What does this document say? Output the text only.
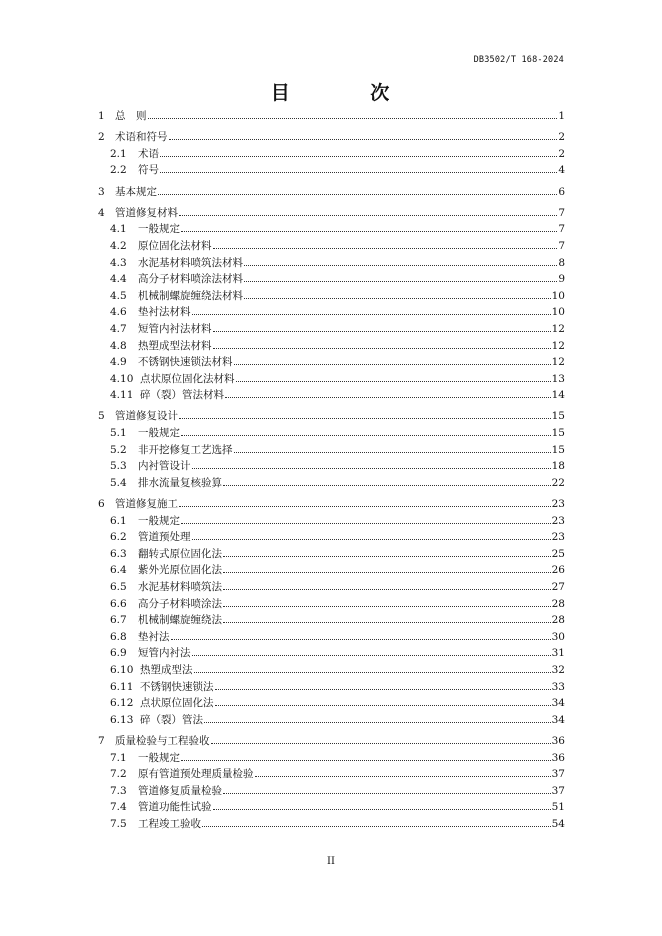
DB3502/T 168-2024
目 次
1 总　则	1
2 术语和符号	2
2.1	术语	2
2.2	符号	4
3 基本规定	6
4 管道修复材料	7
4.1	一般规定	7
4.2	原位固化法材料	7
4.3	水泥基材料喷筑法材料	8
4.4	高分子材料喷涂法材料	9
4.5	机械制螺旋缠绕法材料	10
4.6	垫衬法材料	10
4.7	短管内衬法材料	12
4.8	热塑成型法材料	12
4.9	不锈钢快速锁法材料	12
4.10 点状原位固化法材料	13
4.11 碎（裂）管法材料	14
5 管道修复设计	15
5.1	一般规定	15
5.2	非开挖修复工艺选择	15
5.3	内衬管设计	18
5.4	排水流量复核验算	22
6 管道修复施工	23
6.1	一般规定	23
6.2	管道预处理	23
6.3	翻转式原位固化法	25
6.4	紫外光原位固化法	26
6.5	水泥基材料喷筑法	27
6.6	高分子材料喷涂法	28
6.7	机械制螺旋缠绕法	28
6.8	垫衬法	30
6.9	短管内衬法	31
6.10 热塑成型法	32
6.11 不锈钢快速锁法	33
6.12 点状原位固化法	34
6.13 碎（裂）管法	34
7 质量检验与工程验收	36
7.1	一般规定	36
7.2	原有管道预处理质量检验	37
7.3	管道修复质量检验	37
7.4	管道功能性试验	51
7.5	工程竣工验收	54
II
